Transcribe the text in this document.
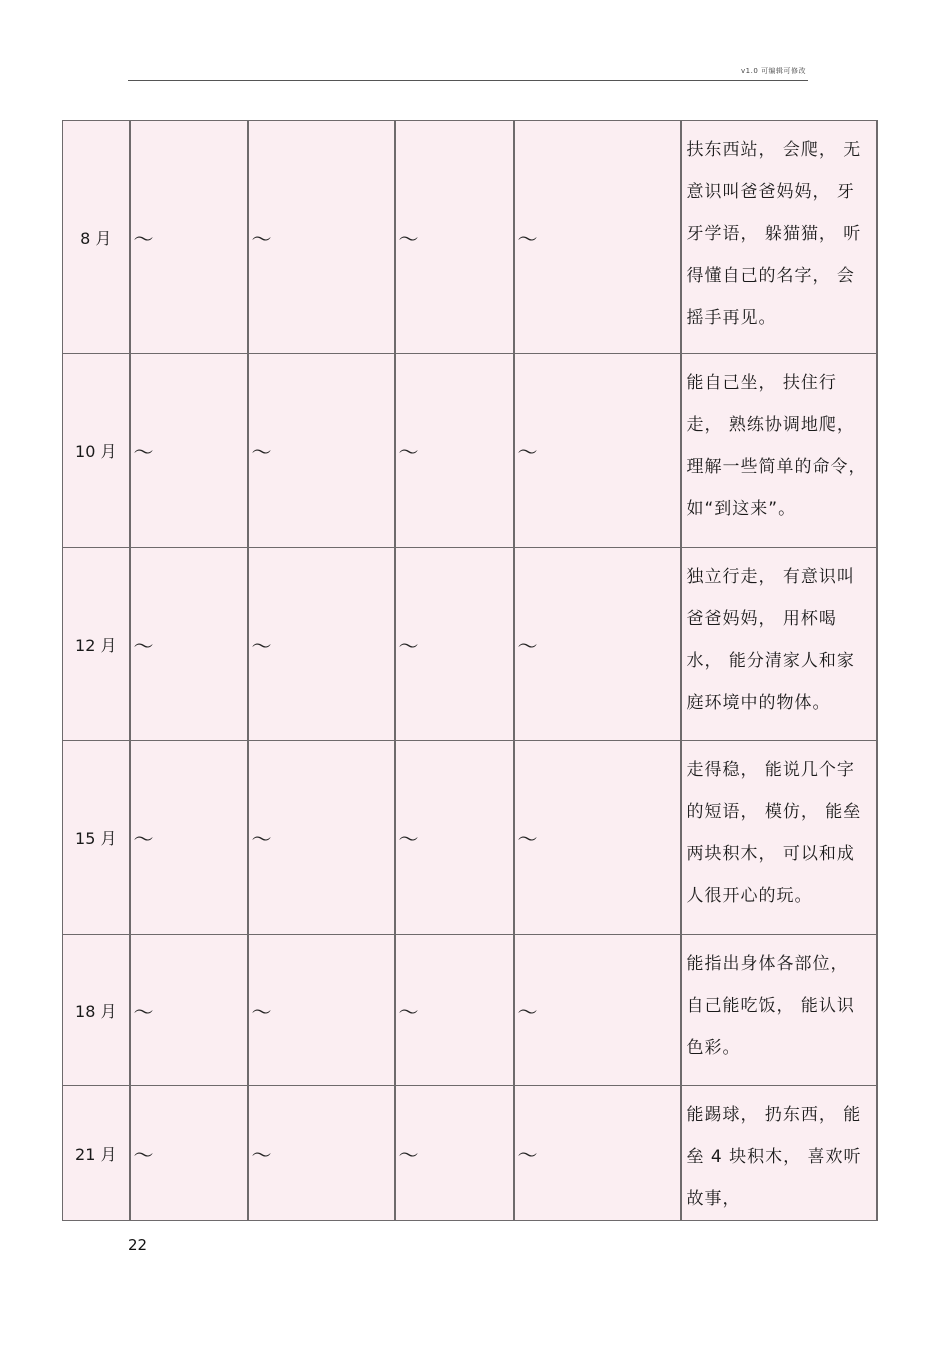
v1.0 可编辑可修改
8 月	～	～	～	～	扶东西站， 会爬， 无意识叫爸爸妈妈， 牙牙学语， 躲猫猫， 听得懂自己的名字， 会摇手再见。
10 月	～	～	～	～	能自己坐， 扶住行走， 熟练协调地爬， 理解一些简单的命令， 如“到这来”。
12 月	～	～	～	～	独立行走， 有意识叫爸爸妈妈， 用杯喝水， 能分清家人和家庭环境中的物体。
15 月	～	～	～	～	走得稳， 能说几个字的短语， 模仿， 能垒两块积木， 可以和成人很开心的玩。
18 月	～	～	～	～	能指出身体各部位， 自己能吃饭， 能认识色彩。
21 月	～	～	～	～	能踢球， 扔东西， 能垒 4 块积木， 喜欢听故事，
22
